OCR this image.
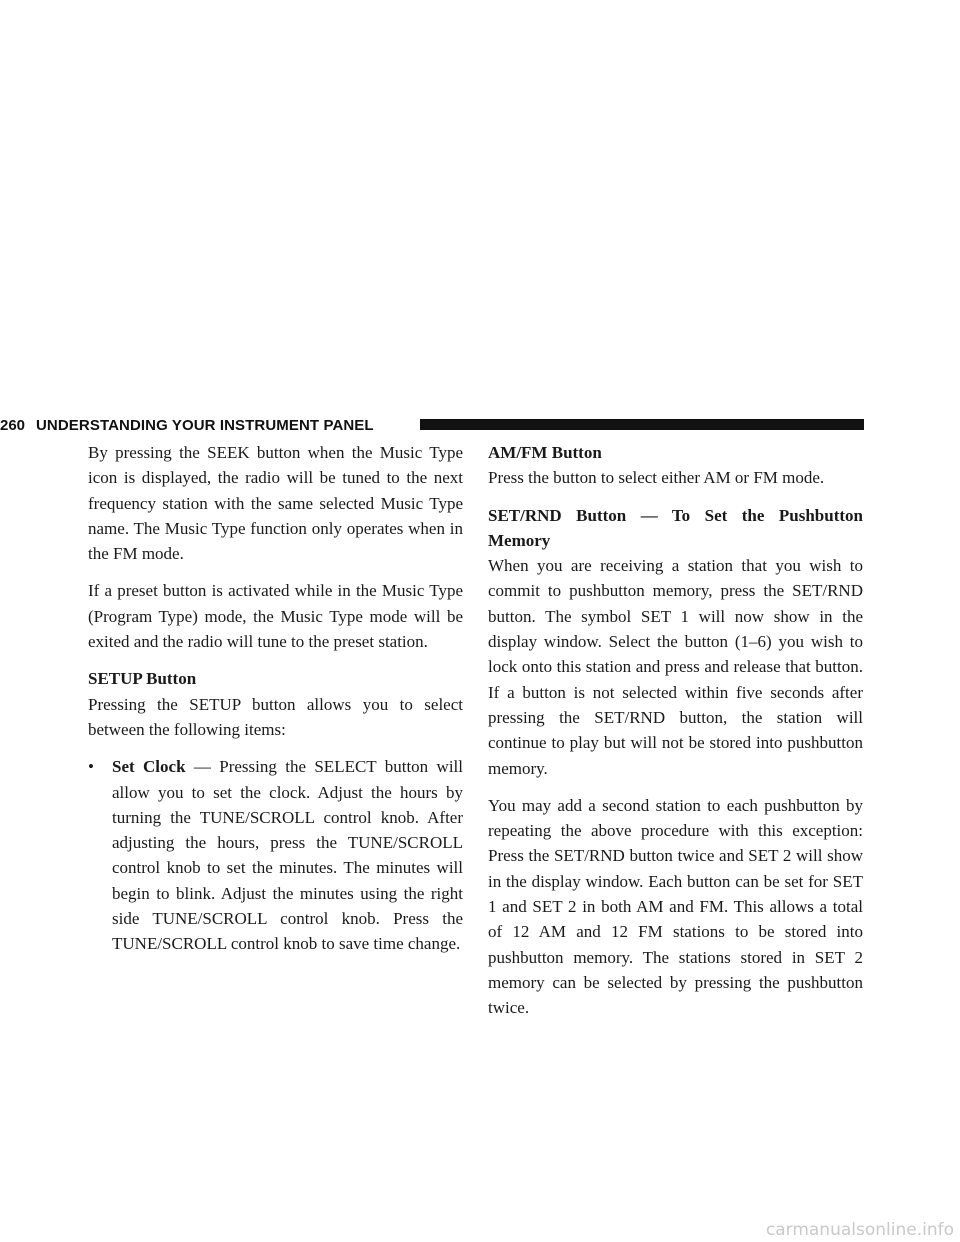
260 UNDERSTANDING YOUR INSTRUMENT PANEL

By pressing the SEEK button when the Music Type icon is displayed, the radio will be tuned to the next frequency station with the same selected Music Type name. The Music Type function only operates when in the FM mode.

If a preset button is activated while in the Music Type (Program Type) mode, the Music Type mode will be exited and the radio will tune to the preset station.

SETUP Button
Pressing the SETUP button allows you to select between the following items:

• Set Clock — Pressing the SELECT button will allow you to set the clock. Adjust the hours by turning the TUNE/SCROLL control knob. After adjusting the hours, press the TUNE/SCROLL control knob to set the minutes. The minutes will begin to blink. Adjust the minutes using the right side TUNE/SCROLL control knob. Press the TUNE/SCROLL control knob to save time change.

AM/FM Button
Press the button to select either AM or FM mode.

SET/RND Button — To Set the Pushbutton Memory
When you are receiving a station that you wish to commit to pushbutton memory, press the SET/RND button. The symbol SET 1 will now show in the display window. Select the button (1–6) you wish to lock onto this station and press and release that button. If a button is not selected within five seconds after pressing the SET/RND button, the station will continue to play but will not be stored into pushbutton memory.

You may add a second station to each pushbutton by repeating the above procedure with this exception: Press the SET/RND button twice and SET 2 will show in the display window. Each button can be set for SET 1 and SET 2 in both AM and FM. This allows a total of 12 AM and 12 FM stations to be stored into pushbutton memory. The stations stored in SET 2 memory can be selected by pressing the pushbutton twice.

carmanualsonline.info
